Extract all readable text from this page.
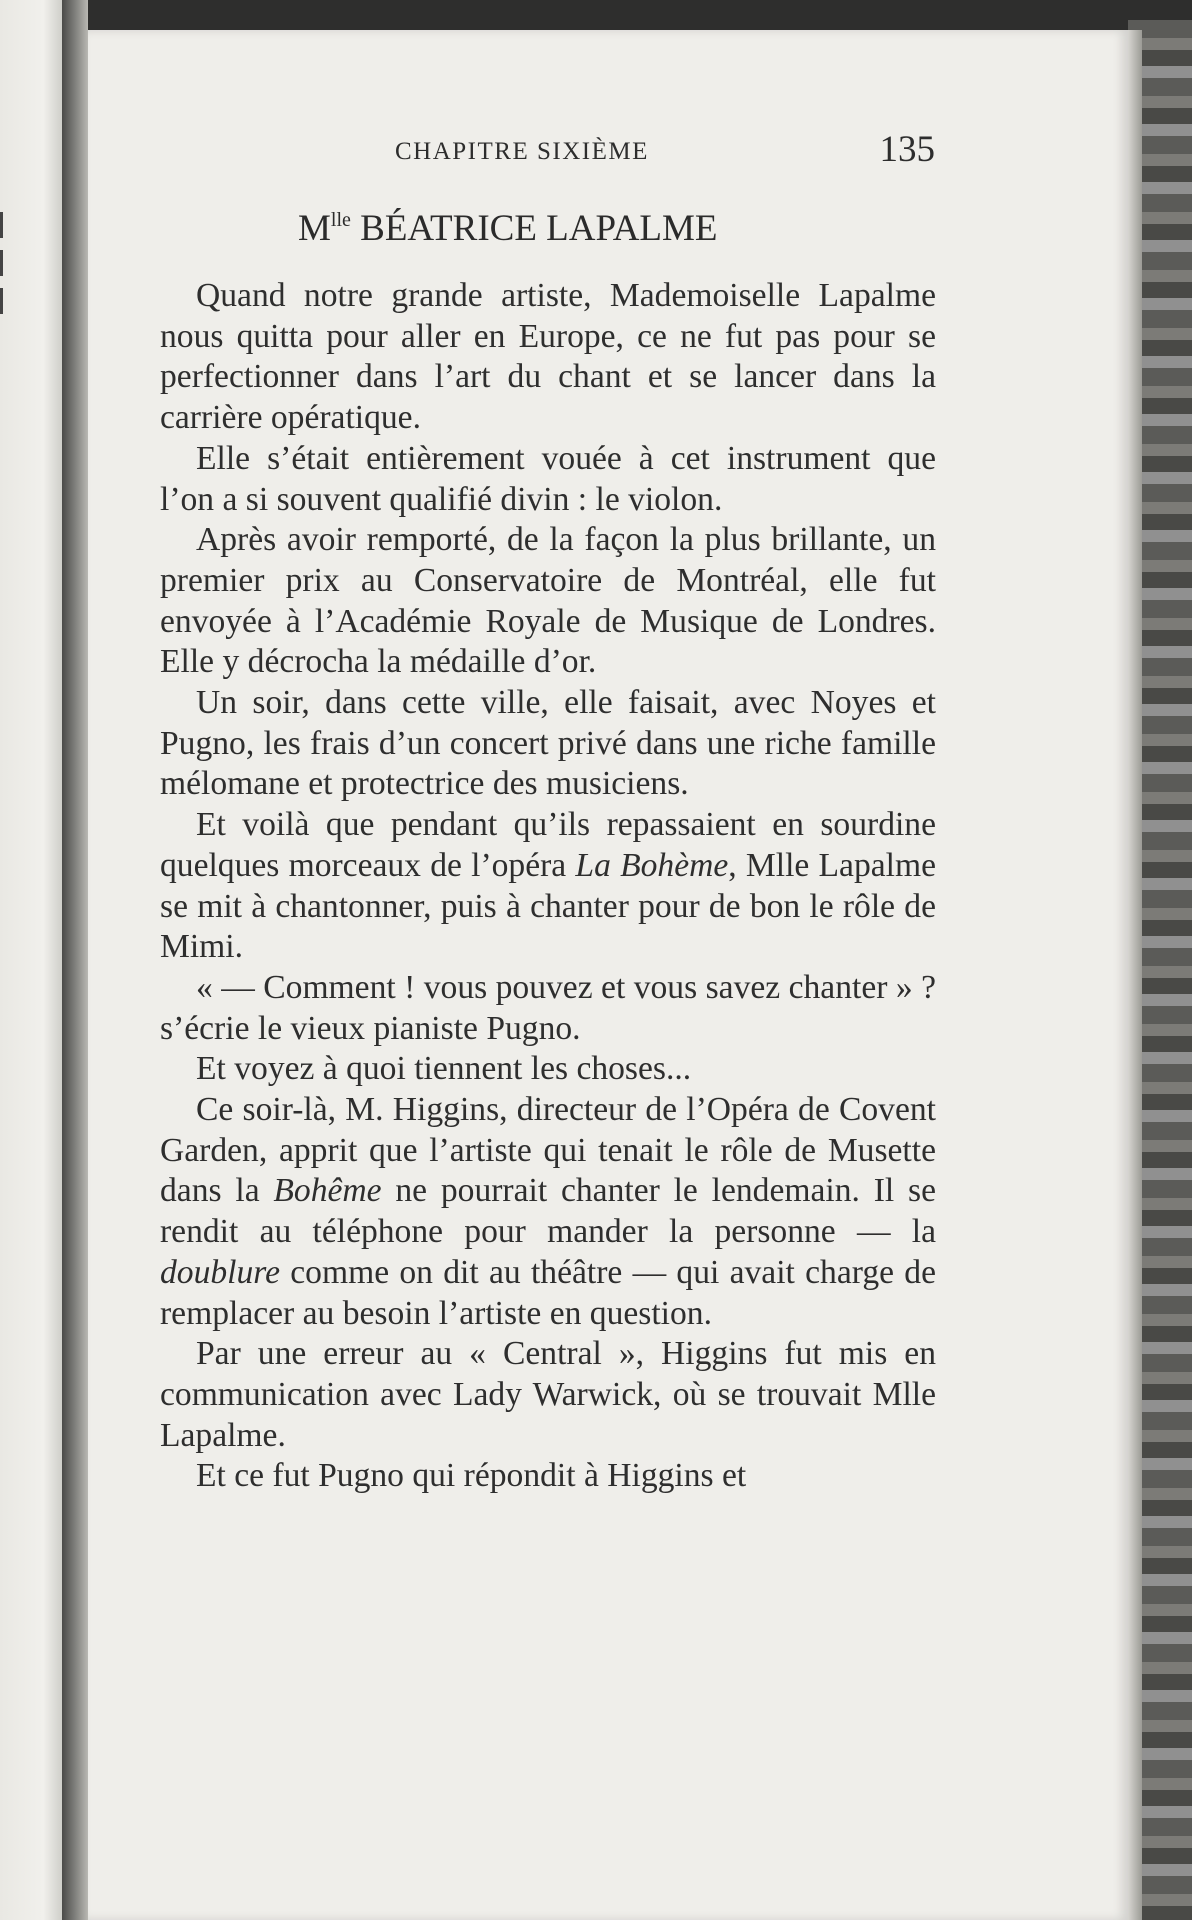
CHAPITRE SIXIÈME	135
$M^{lle}$ BÉATRICE LAPALME

Quand notre grande artiste, Mademoiselle Lapalme nous quitta pour aller en Europe, ce ne fut pas pour se perfectionner dans l’art du chant et se lancer dans la carrière opératique.

Elle s’était entièrement vouée à cet instrument que l’on a si souvent qualifié divin : le violon.

Après avoir remporté, de la façon la plus brillante, un premier prix au Conservatoire de Montréal, elle fut envoyée à l’Académie Royale de Musique de Londres. Elle y décrocha la médaille d’or.

Un soir, dans cette ville, elle faisait, avec Noyes et Pugno, les frais d’un concert privé dans une riche famille mélomane et protectrice des musiciens.

Et voilà que pendant qu’ils repassaient en sourdine quelques morceaux de l’opéra La Bohème, Mlle Lapalme se mit à chantonner, puis à chanter pour de bon le rôle de Mimi.

« — Comment ! vous pouvez et vous savez chanter » ? s’écrie le vieux pianiste Pugno.

Et voyez à quoi tiennent les choses...

Ce soir-là, M. Higgins, directeur de l’Opéra de Covent Garden, apprit que l’artiste qui tenait le rôle de Musette dans la Bohême ne pourrait chanter le lendemain. Il se rendit au téléphone pour mander la personne — la doublure comme on dit au théâtre — qui avait charge de remplacer au besoin l’artiste en question.

Par une erreur au « Central », Higgins fut mis en communication avec Lady Warwick, où se trouvait Mlle Lapalme.

Et ce fut Pugno qui répondit à Higgins et
